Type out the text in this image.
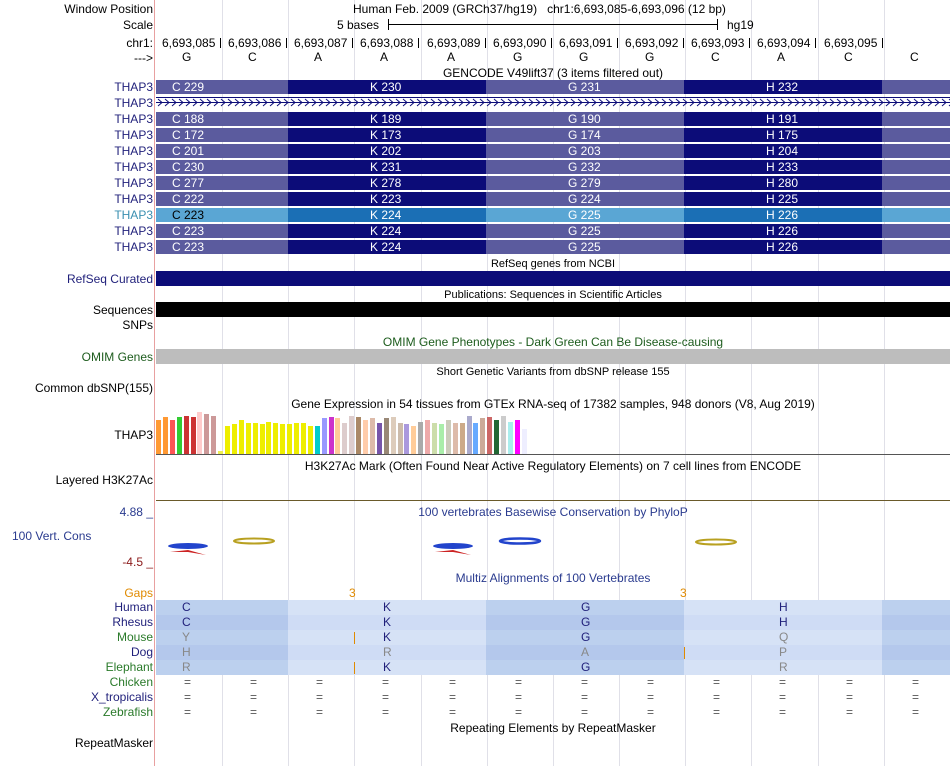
Window Position	Human Feb. 2009 (GRCh37/hg19) chr1:6,693,085-6,693,096 (12 bp)
Scale	5 bases	hg19
chr1: 6,693,085 6,693,086 6,693,087 6,693,088 6,693,089 6,693,090 6,693,091 6,693,092 6,693,093 6,693,094 6,693,095
---> G	C	A	A	A	G	G	G	C	A	C	C
GENCODE V49lift37 (3 items filtered out)
THAP3	C 229	K 230	G 231	H 232
THAP3
THAP3	C 188	K 189	G 190	H 191
THAP3	C 172	K 173	G 174	H 175
THAP3	C 201	K 202	G 203	H 204
THAP3	C 230	K 231	G 232	H 233
THAP3	C 277	K 278	G 279	H 280
THAP3	C 222	K 223	G 224	H 225
THAP3	C 223	K 224	G 225	H 226
THAP3	C 223	K 224	G 225	H 226
THAP3	C 223	K 224	G 225	H 226
RefSeq genes from NCBI
RefSeq Curated
Publications: Sequences in Scientific Articles
Sequences
SNPs
OMIM Gene Phenotypes - Dark Green Can Be Disease-causing
OMIM Genes
Short Genetic Variants from dbSNP release 155
Common dbSNP(155)
Gene Expression in 54 tissues from GTEx RNA-seq of 17382 samples, 948 donors (V8, Aug 2019)
THAP3
H3K27Ac Mark (Often Found Near Active Regulatory Elements) on 7 cell lines from ENCODE
Layered H3K27Ac
100 vertebrates Basewise Conservation by PhyloP
4.88 _
100 Vert. Cons
-4.5 _
Multiz Alignments of 100 Vertebrates
Gaps	3	3
Human	C	K	G	H
Rhesus	C	K	G	H
Mouse	Y	K	G	Q
Dog	H	R	A	P
Elephant	R	K	G	R
Chicken	=	=	=	=	=	=	=	=	=	=	=	=
X_tropicalis	=	=	=	=	=	=	=	=	=	=	=	=
Zebrafish	=	=	=	=	=	=	=	=	=	=	=	=
Repeating Elements by RepeatMasker
RepeatMasker
